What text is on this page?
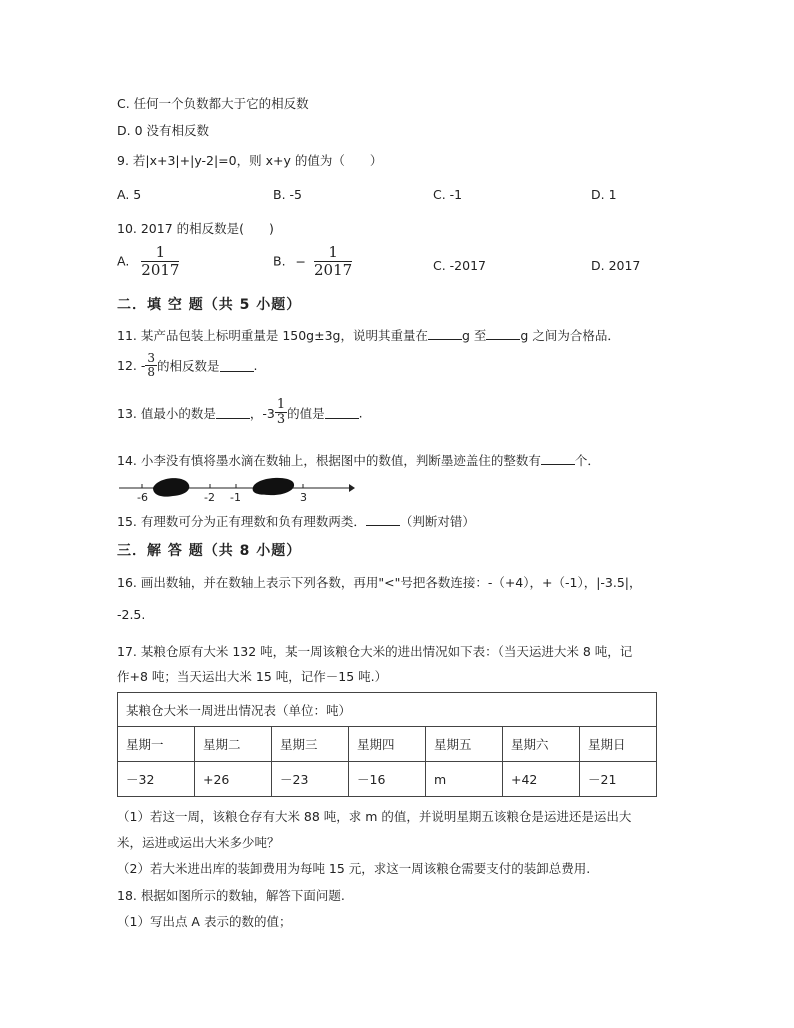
C. 任何一个负数都大于它的相反数
D. 0 没有相反数
9. 若|x+3|+|y-2|=0，则 x+y 的值为（　　）
A. 5	B. -5	C. -1	D. 1
10. 2017 的相反数是(　　)
A. $\frac{1}{2017}$	B. − $\frac{1}{2017}$	C. -2017	D. 2017
二．填 空 题（共 5 小题）
11. 某产品包装上标明重量是 150g±3g，说明其重量在	g 至	g 之间为合格品．
12. - $\frac{3}{8}$ 的相反数是	.
13. 值最小的数是	，$-3 \frac{1}{3}$ 的值是	.
14. 小李没有慎将墨水滴在数轴上，根据图中的数值，判断墨迹盖住的整数有	个．
-6	-2 -1	3
15. 有理数可分为正有理数和负有理数两类．	（判断对错）
三．解 答 题（共 8 小题）
16. 画出数轴，并在数轴上表示下列各数，再用"<"号把各数连接：-（+4），+（-1），|-3.5|，
-2.5.
17. 某粮仓原有大米 132 吨，某一周该粮仓大米的进出情况如下表：（当天运进大米 8 吨，记
作+8 吨；当天运出大米 15 吨，记作－15 吨.）
某粮仓大米一周进出情况表（单位：吨）						
星期一	星期二	星期三	星期四	星期五	星期六	星期日
－32	+26	－23	－16	m	+42	－21
（1）若这一周，该粮仓存有大米 88 吨，求 m 的值，并说明星期五该粮仓是运进还是运出大
米，运进或运出大米多少吨？
（2）若大米进出库的装卸费用为每吨 15 元，求这一周该粮仓需要支付的装卸总费用.
18. 根据如图所示的数轴，解答下面问题.
（1）写出点 A 表示的数的值；
